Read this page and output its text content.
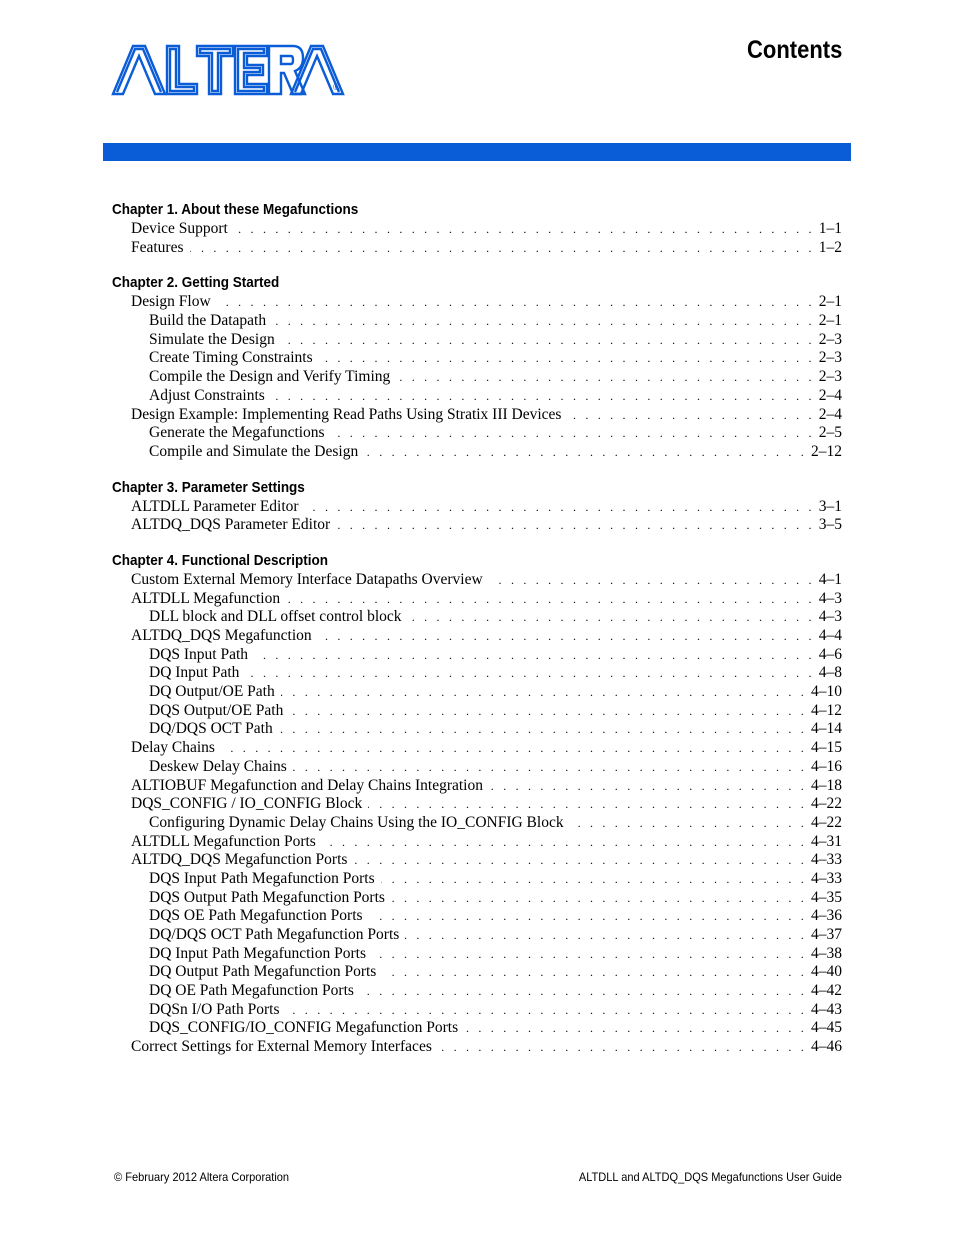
®
Contents
Chapter 1. About these Megafunctions
Device Support . . .	1–1
Features . . .	1–2
Chapter 2. Getting Started
Design Flow . . .	2–1
Build the Datapath . . .	2–1
Simulate the Design . . .	2–3
Create Timing Constraints . . .	2–3
Compile the Design and Verify Timing . . .	2–3
Adjust Constraints . . .	2–4
Design Example: Implementing Read Paths Using Stratix III Devices . . .	2–4
Generate the Megafunctions . . .	2–5
Compile and Simulate the Design . . .	2–12
Chapter 3. Parameter Settings
ALTDLL Parameter Editor . . .	3–1
ALTDQ_DQS Parameter Editor . . .	3–5
Chapter 4. Functional Description
Custom External Memory Interface Datapaths Overview . . .	4–1
ALTDLL Megafunction . . .	4–3
DLL block and DLL offset control block . . .	4–3
ALTDQ_DQS Megafunction . . .	4–4
DQS Input Path . . .	4–6
DQ Input Path . . .	4–8
DQ Output/OE Path . . .	4–10
DQS Output/OE Path . . .	4–12
DQ/DQS OCT Path . . .	4–14
Delay Chains . . .	4–15
Deskew Delay Chains . . .	4–16
ALTIOBUF Megafunction and Delay Chains Integration . . .	4–18
DQS_CONFIG / IO_CONFIG Block . . .	4–22
Configuring Dynamic Delay Chains Using the IO_CONFIG Block . . .	4–22
ALTDLL Megafunction Ports . . .	4–31
ALTDQ_DQS Megafunction Ports . . .	4–33
DQS Input Path Megafunction Ports . . .	4–33
DQS Output Path Megafunction Ports . . .	4–35
DQS OE Path Megafunction Ports . . .	4–36
DQ/DQS OCT Path Megafunction Ports . . .	4–37
DQ Input Path Megafunction Ports . . .	4–38
DQ Output Path Megafunction Ports . . .	4–40
DQ OE Path Megafunction Ports . . .	4–42
DQSn I/O Path Ports . . .	4–43
DQS_CONFIG/IO_CONFIG Megafunction Ports . . .	4–45
Correct Settings for External Memory Interfaces . . .	4–46
© February 2012 Altera Corporation	ALTDLL and ALTDQ_DQS Megafunctions User Guide
